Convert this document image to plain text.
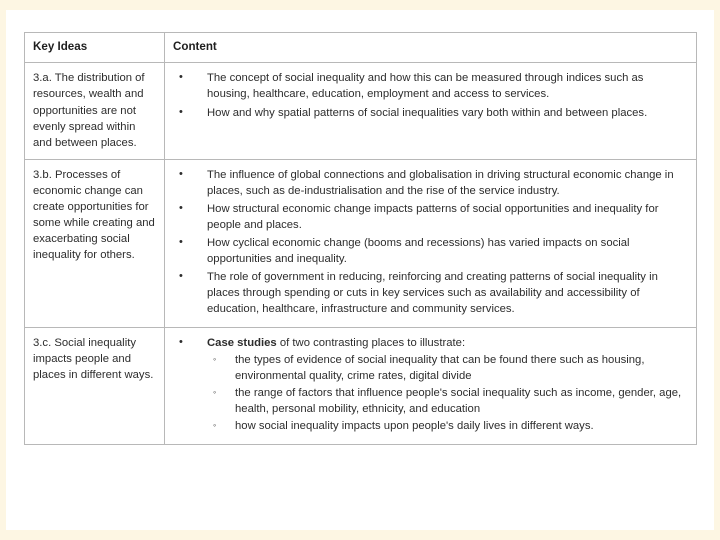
Key Ideas	Content
3.a. The distribution of resources, wealth and opportunities are not evenly spread within and between places.	
• The concept of social inequality and how this can be measured through indices such as housing, healthcare, education, employment and access to services.
• How and why spatial patterns of social inequalities vary both within and between places.

3.b. Processes of economic change can create opportunities for some while creating and exacerbating social inequality for others.	
• The influence of global connections and globalisation in driving structural economic change in places, such as de-industrialisation and the rise of the service industry.
• How structural economic change impacts patterns of social opportunities and inequality for people and places.
• How cyclical economic change (booms and recessions) has varied impacts on social opportunities and inequality.
• The role of government in reducing, reinforcing and creating patterns of social inequality in places through spending or cuts in key services such as availability and accessibility of education, healthcare, infrastructure and community services.

3.c. Social inequality impacts people and places in different ways.	
• Case studies of two contrasting places to illustrate:
◦ the types of evidence of social inequality that can be found there such as housing, environmental quality, crime rates, digital divide
◦ the range of factors that influence people's social inequality such as income, gender, age, health, personal mobility, ethnicity, and education
◦ how social inequality impacts upon people's daily lives in different ways.
